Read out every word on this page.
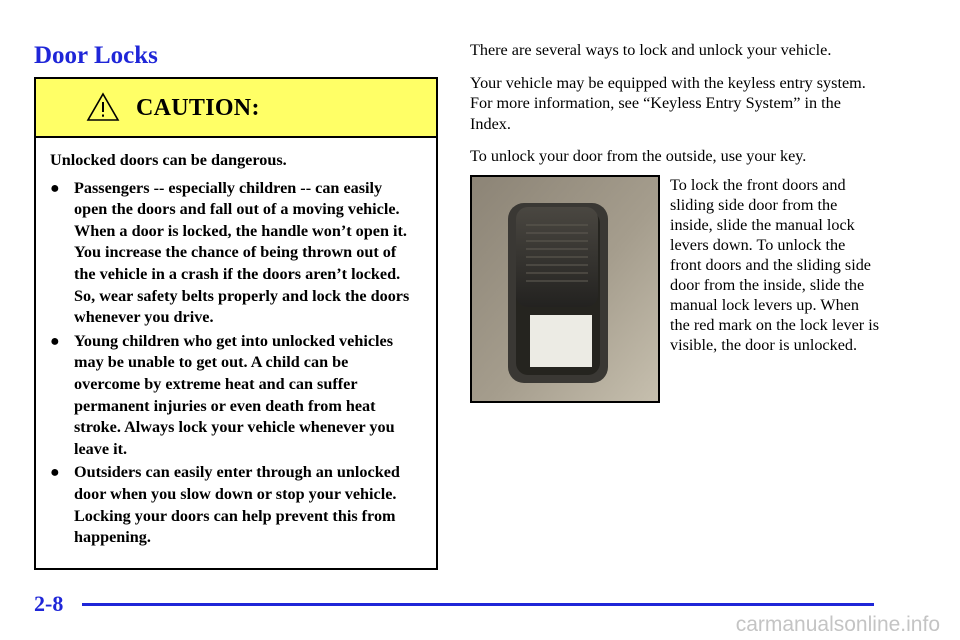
Door Locks
CAUTION:

Unlocked doors can be dangerous.

● Passengers -- especially children -- can easily open the doors and fall out of a moving vehicle. When a door is locked, the handle won’t open it. You increase the chance of being thrown out of the vehicle in a crash if the doors aren’t locked. So, wear safety belts properly and lock the doors whenever you drive.
● Young children who get into unlocked vehicles may be unable to get out. A child can be overcome by extreme heat and can suffer permanent injuries or even death from heat stroke. Always lock your vehicle whenever you leave it.
● Outsiders can easily enter through an unlocked door when you slow down or stop your vehicle. Locking your doors can help prevent this from happening.

There are several ways to lock and unlock your vehicle.

Your vehicle may be equipped with the keyless entry system. For more information, see “Keyless Entry System” in the Index.

To unlock your door from the outside, use your key.

To lock the front doors and sliding side door from the inside, slide the manual lock levers down. To unlock the front doors and the sliding side door from the inside, slide the manual lock levers up. When the red mark on the lock lever is visible, the door is unlocked.

2-8
carmanualsonline.info
